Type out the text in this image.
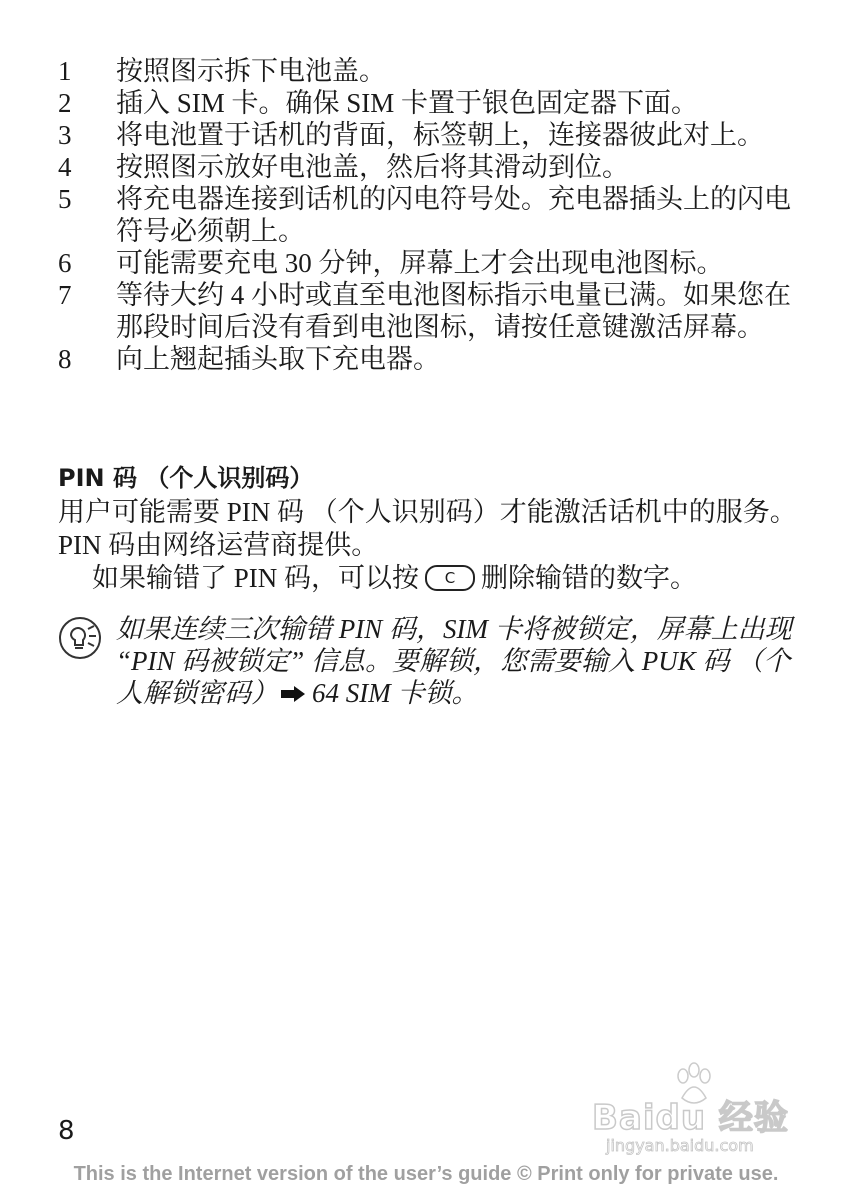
1 按照图示拆下电池盖。
2 插入 SIM 卡。确保 SIM 卡置于银色固定器下面。
3 将电池置于话机的背面，标签朝上，连接器彼此对上。
4 按照图示放好电池盖，然后将其滑动到位。
5 将充电器连接到话机的闪电符号处。充电器插头上的闪电符号必须朝上。
6 可能需要充电 30 分钟，屏幕上才会出现电池图标。
7 等待大约 4 小时或直至电池图标指示电量已满。如果您在那段时间后没有看到电池图标，请按任意键激活屏幕。
8 向上翘起插头取下充电器。
PIN 码 （个人识别码）
用户可能需要 PIN 码 （个人识别码）才能激活话机中的服务。 PIN 码由网络运营商提供。
如果输错了 PIN 码，可以按 C 删除输错的数字。
如果连续三次输错 PIN 码，SIM 卡将被锁定，屏幕上出现 “PIN 码被锁定” 信息。要解锁，您需要输入 PUK 码 （个人解锁密码） 64 SIM 卡锁。
Baidu 经验
jingyan.baidu.com
8
This is the Internet version of the user’s guide © Print only for private use.
